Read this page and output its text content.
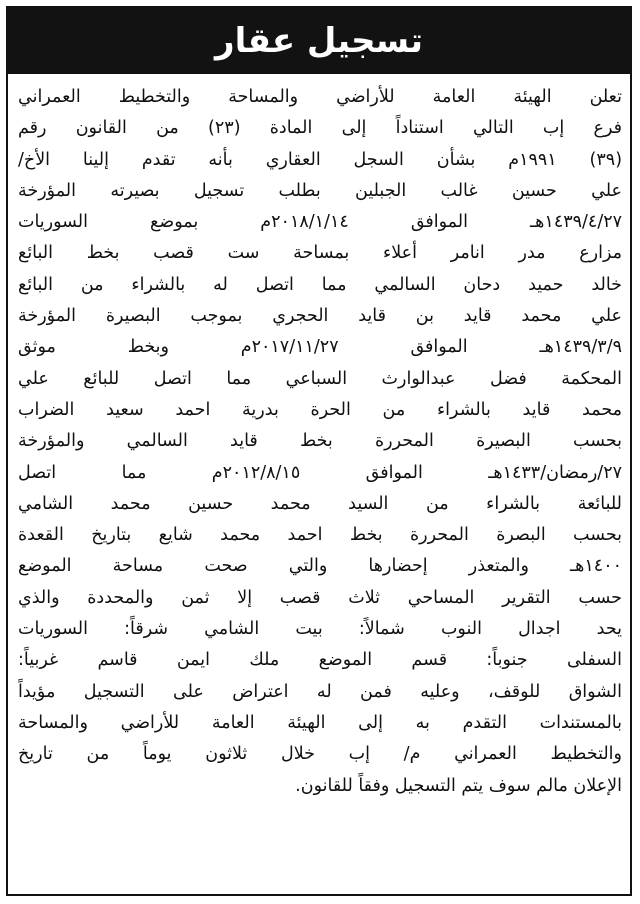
تسجيل عقار
تعلن الهيئة العامة للأراضي والمساحة والتخطيط العمراني
فرع إب التالي استناداً إلى المادة (٢٣) من القانون رقم
(٣٩) ١٩٩١م بشأن السجل العقاري بأنه تقدم إلينا الأخ/
علي حسين غالب الجبلين بطلب تسجيل بصيرته المؤرخة
١٤٣٩/٤/٢٧هـ الموافق ٢٠١٨/١/١٤م بموضع السوريات
مزارع مدر انامر أعلاء بمساحة ست قصب بخط البائع
خالد حميد دحان السالمي مما اتصل له بالشراء من البائع
علي محمد قايد بن قايد الحجري بموجب البصيرة المؤرخة
١٤٣٩/٣/٩هـ الموافق ٢٠١٧/١١/٢٧م وبخط موثق
المحكمة فضل عبدالوارث السباعي مما اتصل للبائع علي
محمد قايد بالشراء من الحرة بدرية احمد سعيد الضراب
بحسب البصيرة المحررة بخط قايد السالمي والمؤرخة
٢٧/رمضان/١٤٣٣هـ الموافق ٢٠١٢/٨/١٥م مما اتصل
للبائعة بالشراء من السيد محمد حسين محمد الشامي
بحسب البصرة المحررة بخط احمد محمد شايع بتاريخ القعدة
١٤٠٠هـ والمتعذر إحضارها والتي صحت مساحة الموضع
حسب التقرير المساحي ثلاث قصب إلا ثمن والمحددة والذي
يحد اجدال النوب شمالاً: بيت الشامي شرقاً: السوريات
السفلى جنوباً: قسم الموضع ملك ايمن قاسم غربياً:
الشواق للوقف، وعليه فمن له اعتراض على التسجيل مؤيداً
بالمستندات التقدم به إلى الهيئة العامة للأراضي والمساحة
والتخطيط العمراني م/ إب خلال ثلاثون يوماً من تاريخ
الإعلان مالم سوف يتم التسجيل وفقاً للقانون.
